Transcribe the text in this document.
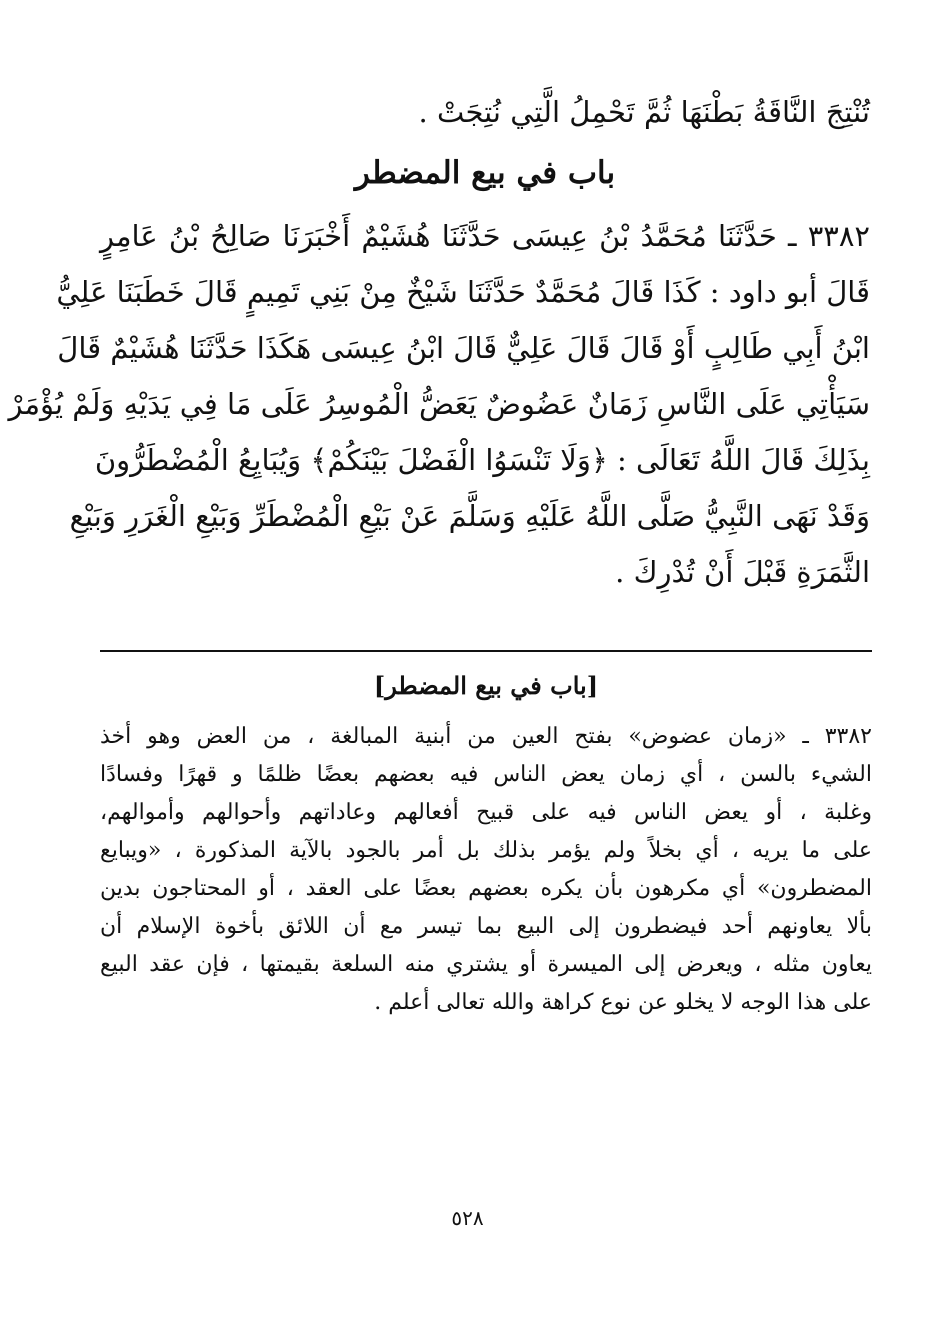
تُنْتِجَ النَّاقَةُ بَطْنَهَا ثُمَّ تَحْمِلُ الَّتِي نُتِجَتْ .
باب في بيع المضطر
٣٣٨٢ ـ حَدَّثَنَا مُحَمَّدُ بْنُ عِيسَى حَدَّثَنَا هُشَيْمٌ أَخْبَرَنَا صَالِحُ بْنُ عَامِرٍ
قَالَ أبو داود : كَذَا قَالَ مُحَمَّدٌ حَدَّثَنَا شَيْخٌ مِنْ بَنِي تَمِيمٍ قَالَ خَطَبَنَا عَلِيُّ
ابْنُ أَبِي طَالِبٍ أَوْ قَالَ قَالَ عَلِيٌّ قَالَ ابْنُ عِيسَى هَكَذَا حَدَّثَنَا هُشَيْمٌ قَالَ
سَيَأْتِي عَلَى النَّاسِ زَمَانٌ عَضُوضٌ يَعَضُّ الْمُوسِرُ عَلَى مَا فِي يَدَيْهِ وَلَمْ يُؤْمَرْ
بِذَلِكَ قَالَ اللَّهُ تَعَالَى : ﴿وَلَا تَنْسَوُا الْفَضْلَ بَيْنَكُمْ﴾ وَيُبَايِعُ الْمُضْطَرُّونَ
وَقَدْ نَهَى النَّبِيُّ صَلَّى اللَّهُ عَلَيْهِ وَسَلَّمَ عَنْ بَيْعِ الْمُضْطَرِّ وَبَيْعِ الْغَرَرِ وَبَيْعِ
الثَّمَرَةِ قَبْلَ أَنْ تُدْرِكَ .
[باب في بيع المضطر]
٣٣٨٢ ـ «زمان عضوض» بفتح العين من أبنية المبالغة ، من العض وهو أخذ
الشيء بالسن ، أي زمان يعض الناس فيه بعضهم بعضًا ظلمًا و قهرًا وفسادًا
وغلبة ، أو يعض الناس فيه على قبيح أفعالهم وعاداتهم وأحوالهم وأموالهم،
على ما يريه ، أي بخلاً ولم يؤمر بذلك بل أمر بالجود بالآية المذكورة ، «ويبايع
المضطرون» أي مكرهون بأن يكره بعضهم بعضًا على العقد ، أو المحتاجون بدين
بألا يعاونهم أحد فيضطرون إلى البيع بما تيسر مع أن اللائق بأخوة الإسلام أن
يعاون مثله ، ويعرض إلى الميسرة أو يشتري منه السلعة بقيمتها ، فإن عقد البيع
على هذا الوجه لا يخلو عن نوع كراهة والله تعالى أعلم .
٥٢٨
